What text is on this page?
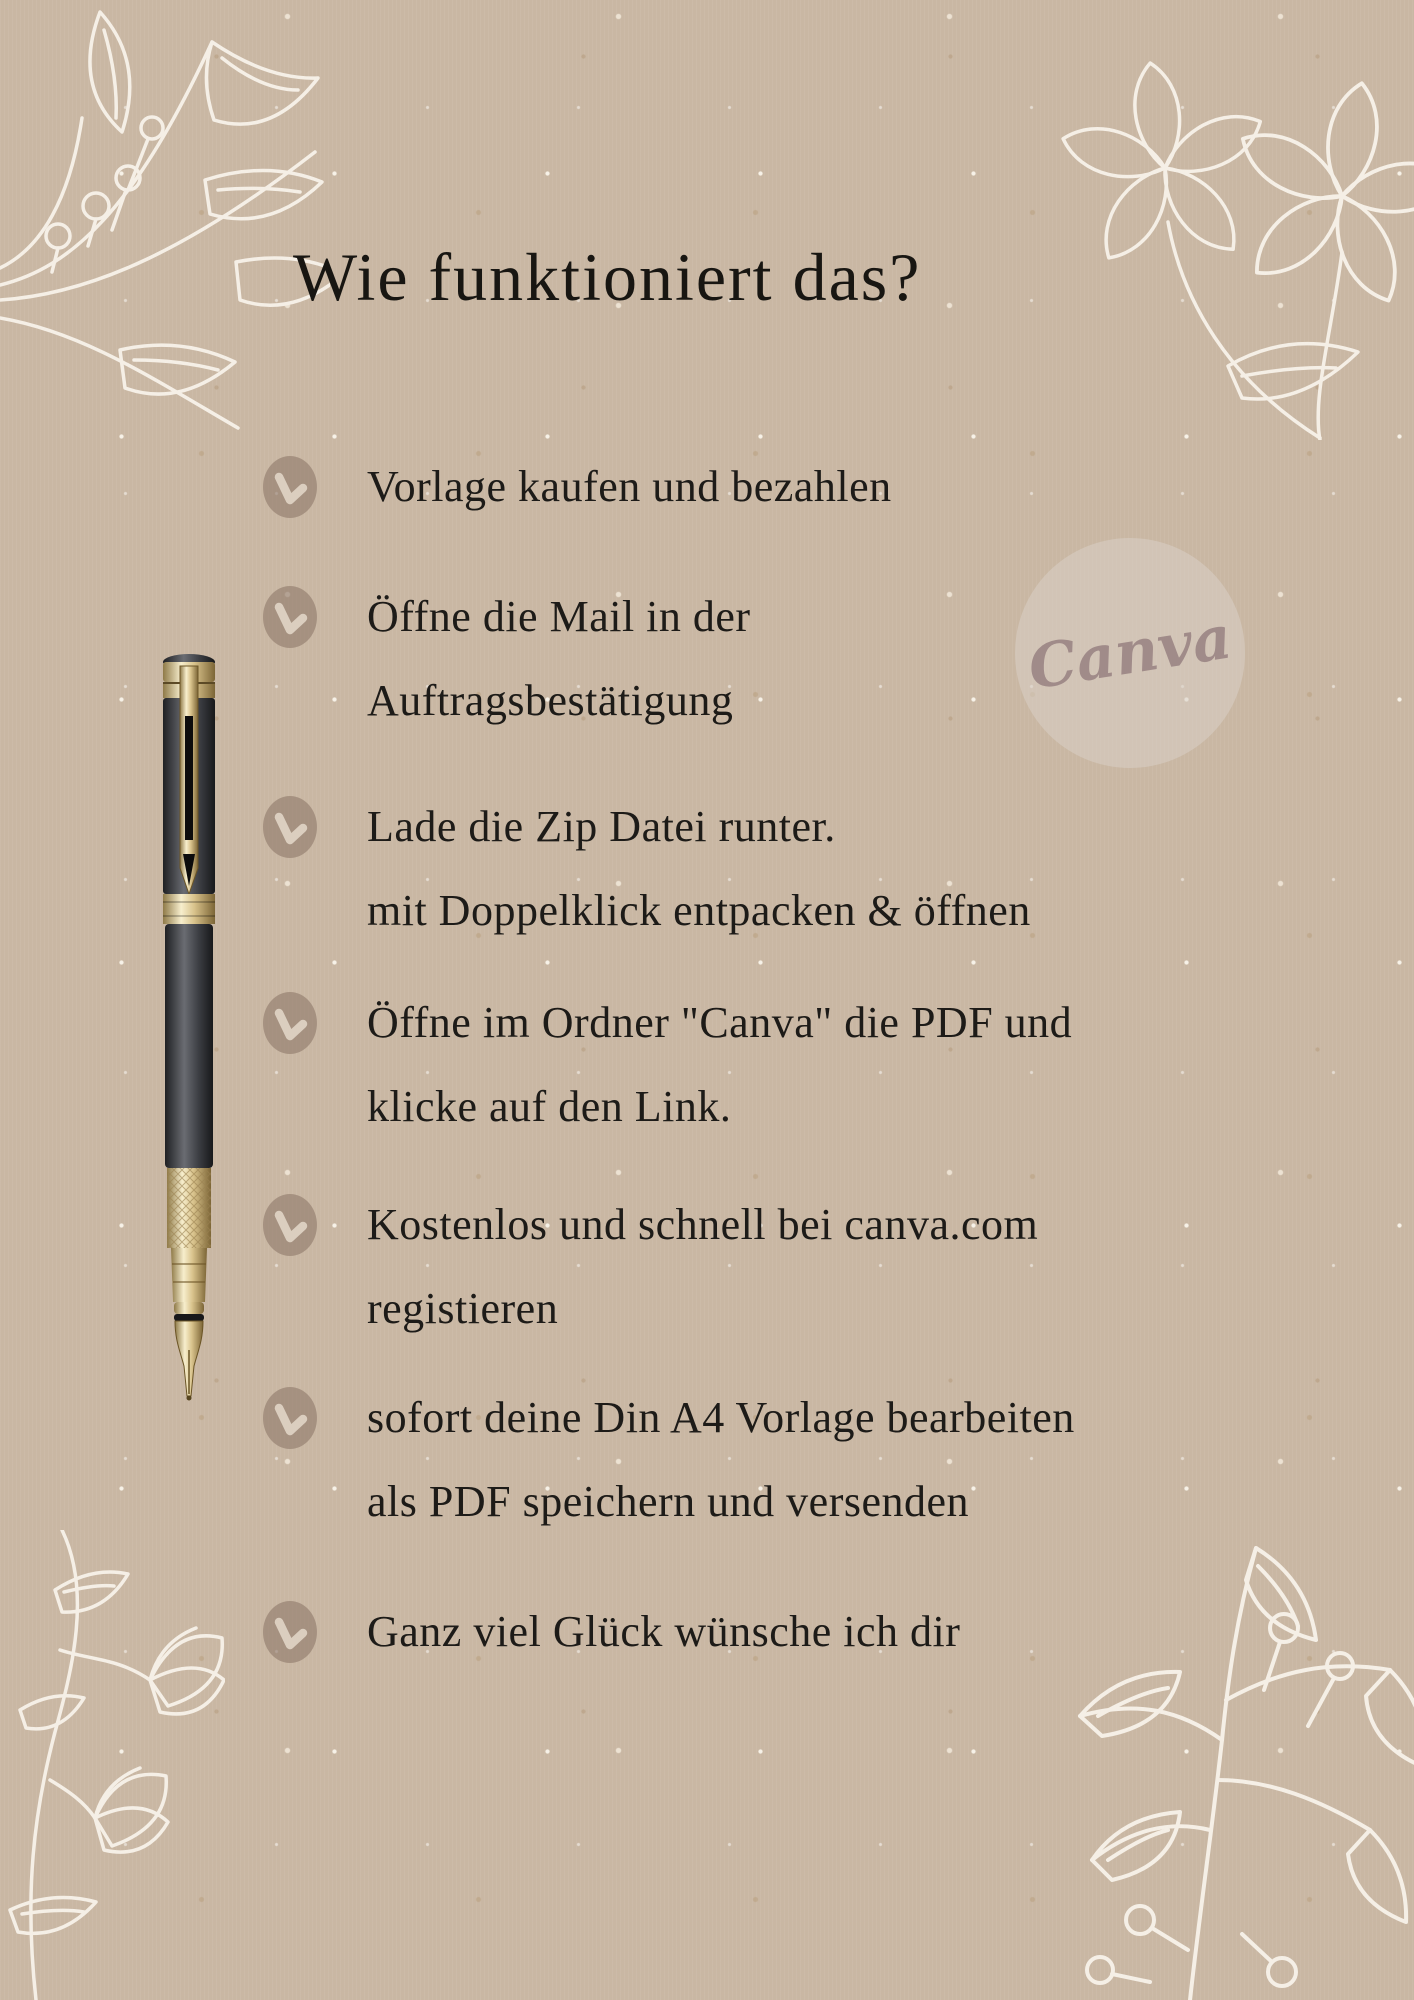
Canva
Wie funktioniert das?
Vorlage kaufen und bezahlen
Öffne die Mail in der
Auftragsbestätigung
Lade die Zip Datei runter.
mit Doppelklick entpacken & öffnen
Öffne im Ordner "Canva" die PDF und
klicke auf den Link.
Kostenlos und schnell bei canva.com
registieren
sofort deine Din A4 Vorlage bearbeiten
als PDF speichern und versenden
Ganz viel Glück wünsche ich dir
